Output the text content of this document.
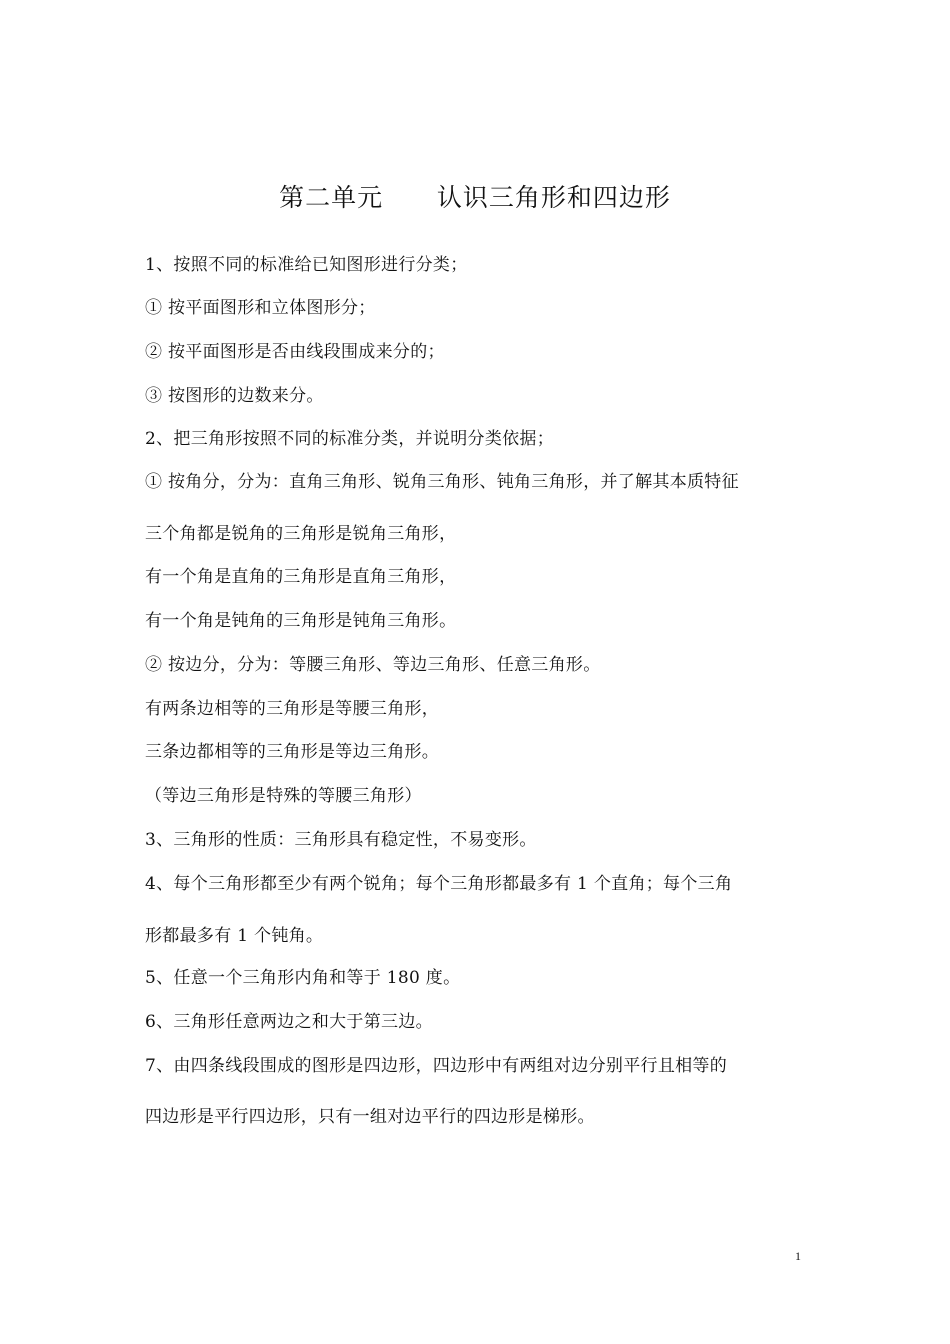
第二单元      认识三角形和四边形
1、按照不同的标准给已知图形进行分类；
① 按平面图形和立体图形分；
② 按平面图形是否由线段围成来分的；
③ 按图形的边数来分。
2、把三角形按照不同的标准分类，并说明分类依据；
① 按角分，分为：直角三角形、锐角三角形、钝角三角形，并了解其本质特征
三个角都是锐角的三角形是锐角三角形，
有一个角是直角的三角形是直角三角形，
有一个角是钝角的三角形是钝角三角形。
② 按边分，分为：等腰三角形、等边三角形、任意三角形。
有两条边相等的三角形是等腰三角形，
三条边都相等的三角形是等边三角形。
（等边三角形是特殊的等腰三角形）
3、三角形的性质：三角形具有稳定性，不易变形。
4、每个三角形都至少有两个锐角；每个三角形都最多有 1 个直角；每个三角
形都最多有 1 个钝角。
5、任意一个三角形内角和等于 180 度。
6、三角形任意两边之和大于第三边。
7、由四条线段围成的图形是四边形，四边形中有两组对边分别平行且相等的
四边形是平行四边形，只有一组对边平行的四边形是梯形。
1
